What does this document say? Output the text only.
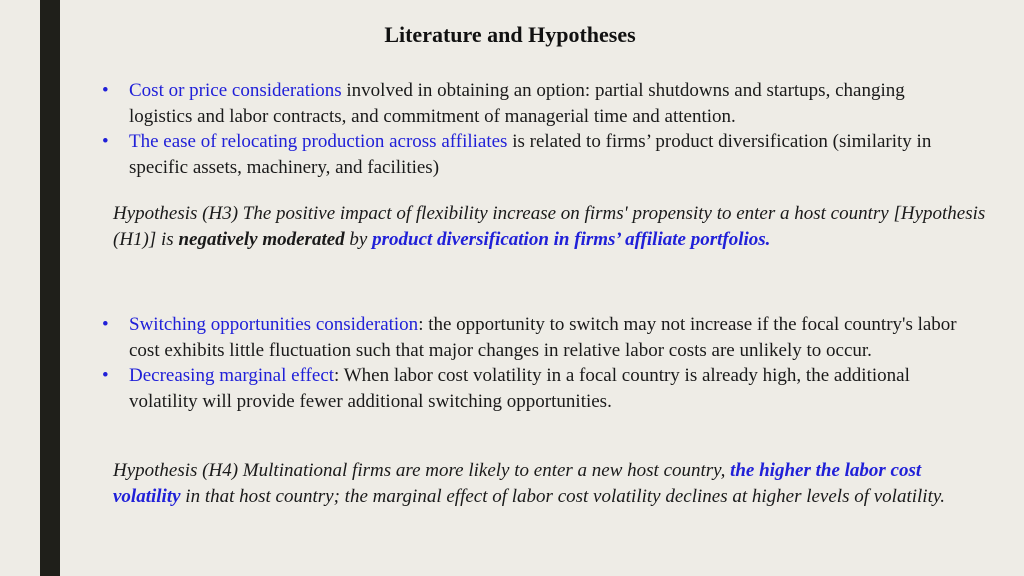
Literature and Hypotheses
• Cost or price considerations involved in obtaining an option: partial shutdowns and startups, changing logistics and labor contracts, and commitment of managerial time and attention.
• The ease of relocating production across affiliates is related to firms’ product diversification (similarity in specific assets, machinery, and facilities)
Hypothesis (H3) The positive impact of flexibility increase on firms' propensity to enter a host country [Hypothesis (H1)] is negatively moderated by product diversification in firms’ affiliate portfolios.
• Switching opportunities consideration: the opportunity to switch may not increase if the focal country's labor cost exhibits little fluctuation such that major changes in relative labor costs are unlikely to occur.
• Decreasing marginal effect: When labor cost volatility in a focal country is already high, the additional volatility will provide fewer additional switching opportunities.
Hypothesis (H4) Multinational firms are more likely to enter a new host country, the higher the labor cost volatility in that host country; the marginal effect of labor cost volatility declines at higher levels of volatility.
